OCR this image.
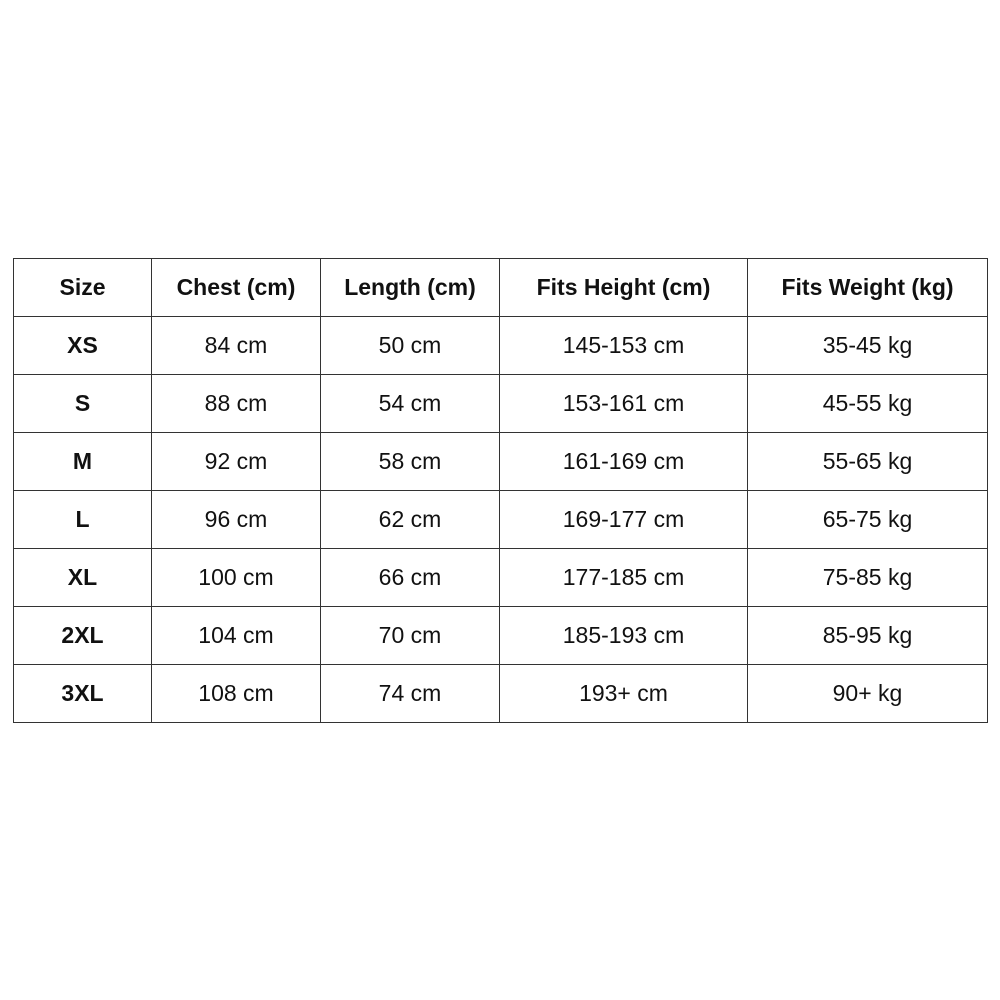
Size	Chest (cm)	Length (cm)	Fits Height (cm)	Fits Weight (kg)
XS	84 cm	50 cm	145-153 cm	35-45 kg
S	88 cm	54 cm	153-161 cm	45-55 kg
M	92 cm	58 cm	161-169 cm	55-65 kg
L	96 cm	62 cm	169-177 cm	65-75 kg
XL	100 cm	66 cm	177-185 cm	75-85 kg
2XL	104 cm	70 cm	185-193 cm	85-95 kg
3XL	108 cm	74 cm	193+ cm	90+ kg
